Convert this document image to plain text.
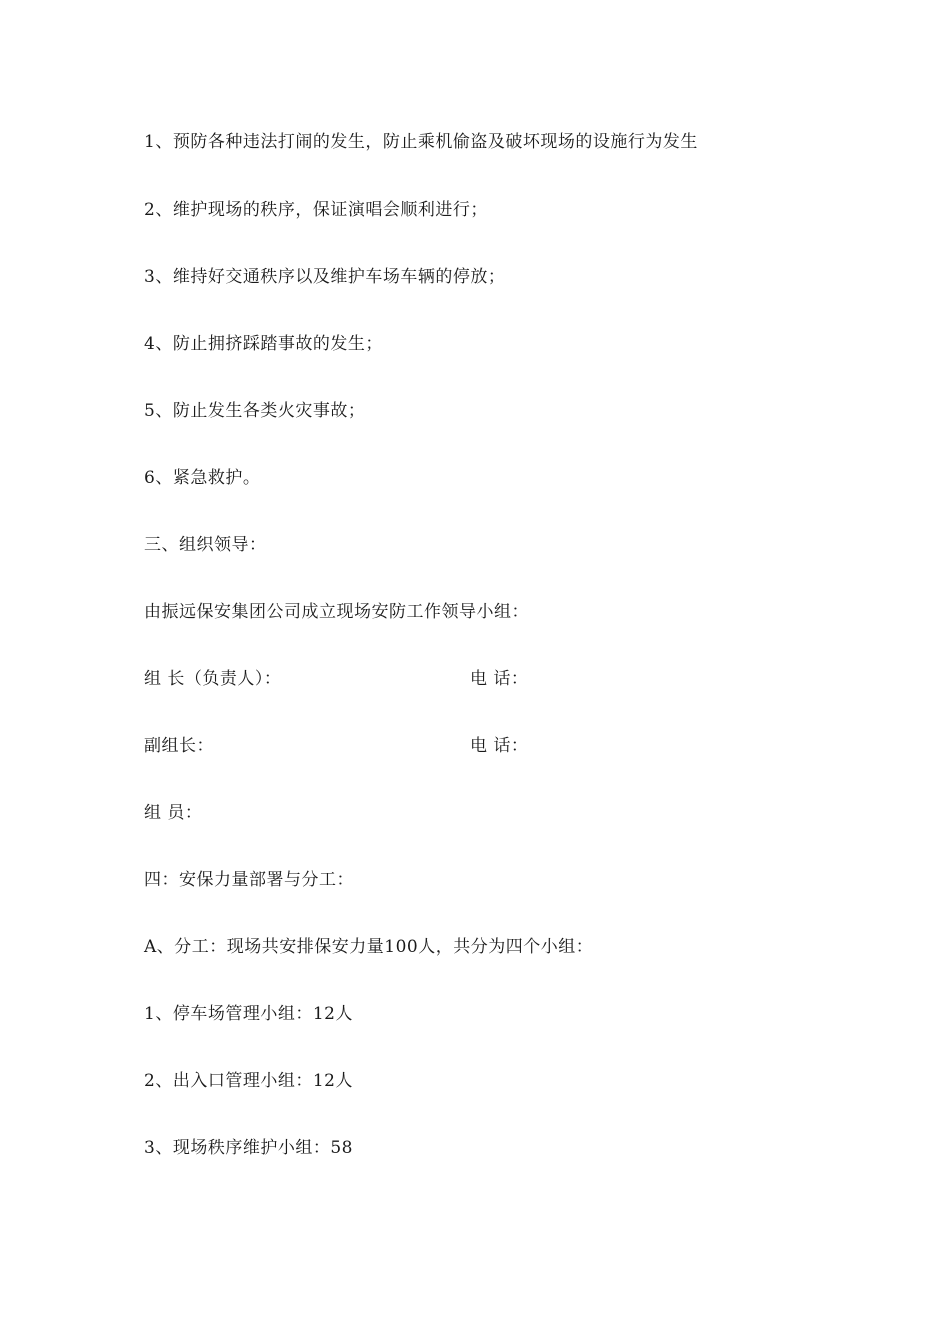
1、预防各种违法打闹的发生，防止乘机偷盗及破坏现场的设施行为发生
2、维护现场的秩序，保证演唱会顺利进行；
3、维持好交通秩序以及维护车场车辆的停放；
4、防止拥挤踩踏事故的发生；
5、防止发生各类火灾事故；
6、紧急救护。
三、组织领导：
由振远保安集团公司成立现场安防工作领导小组：
组 长（负责人）：	电 话：
副组长：	电 话：
组 员：
四：安保力量部署与分工：
A、分工：现场共安排保安力量100人，共分为四个小组：
1、停车场管理小组：12人
2、出入口管理小组：12人
3、现场秩序维护小组：58
